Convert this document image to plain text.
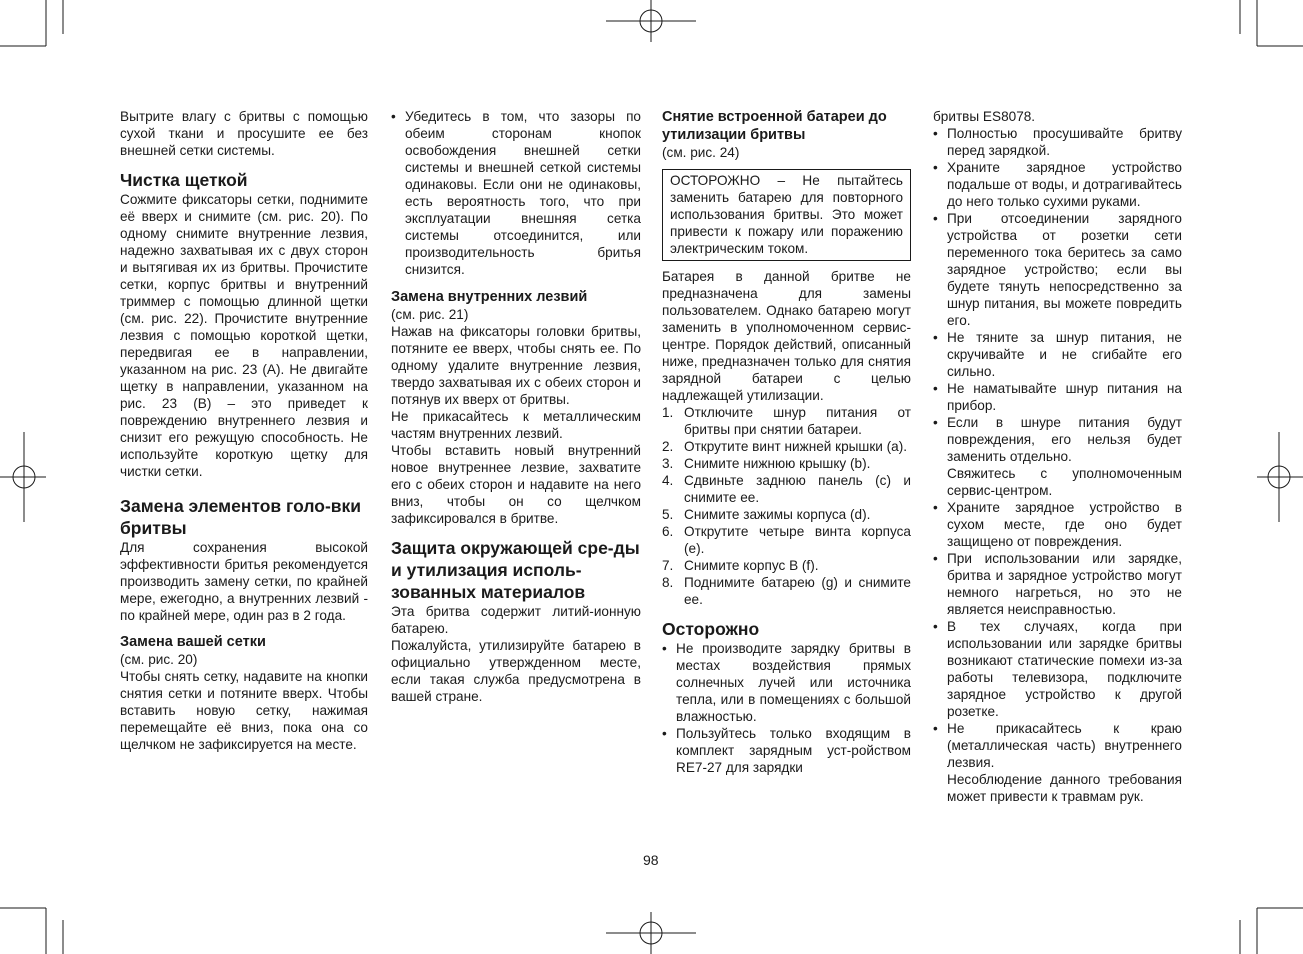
Вытрите влагу с бритвы с помощью сухой ткани и просушите ее без внешней сетки системы.

Чистка щеткой

Сожмите фиксаторы сетки, поднимите её вверх и снимите (см. рис. 20). По одному снимите внутренние лезвия, надежно захватывая их с двух сторон и вытягивая их из бритвы. Прочистите сетки, корпус бритвы и внутренний триммер с помощью длинной щетки (см. рис. 22). Прочистите внутренние лезвия с помощью короткой щетки, передвигая ее в направлении, указанном на рис. 23 (A). Не двигайте щетку в направлении, указанном на рис. 23 (B) – это приведет к повреждению внутреннего лезвия и снизит его режущую способность. Не используйте короткую щетку для чистки сетки.

Замена элементов голо-вки бритвы

Для сохранения высокой эффективности бритья рекомендуется производить замену сетки, по крайней мере, ежегодно, а внутренних лезвий - по крайней мере, один раз в 2 года.

Замена вашей сетки

(см. рис. 20)

Чтобы снять сетку, надавите на кнопки снятия сетки и потяните вверх. Чтобы вставить новую сетку, нажимая перемещайте её вниз, пока она со щелчком не зафиксируется на месте.

• Убедитесь в том, что зазоры по обеим сторонам кнопок освобождения внешней сетки системы и внешней сеткой системы одинаковы. Если они не одинаковы, есть вероятность того, что при эксплуатации внешняя сетка системы отсоединится, или производительность бритья снизится.
Замена внутренних лезвий

(см. рис. 21)

Нажав на фиксаторы головки бритвы, потяните ее вверх, чтобы снять ее. По одному удалите внутренние лезвия, твердо захватывая их с обеих сторон и потянув их вверх от бритвы.

Не прикасайтесь к металлическим частям внутренних лезвий.

Чтобы вставить новый внутренний новое внутреннее лезвие, захватите его с обеих сторон и надавите на него вниз, чтобы он со щелчком зафиксировался в бритве.

Защита окружающей сре-ды и утилизация исполь-зованных материалов

Эта бритва содержит литий-ионную батарею.

Пожалуйста, утилизируйте батарею в официально утвержденном месте, если такая служба предусмотрена в вашей стране.

Снятие встроенной батареи до утилизации бритвы

(см. рис. 24)

ОСТОРОЖНО – Не пытайтесь заменить батарею для повторного использования бритвы. Это может привести к пожару или поражению электрическим током.

Батарея в данной бритве не предназначена для замены пользователем. Однако батарею могут заменить в уполномоченном сервис-центре. Порядок действий, описанный ниже, предназначен только для снятия зарядной батареи с целью надлежащей утилизации.

1. Отключите шнур питания от бритвы при снятии батареи.
2. Открутите винт нижней крышки (a).
3. Снимите нижнюю крышку (b).
4. Сдвиньте заднюю панель (c) и снимите ее.
5. Снимите зажимы корпуса (d).
6. Открутите четыре винта корпуса (e).
7. Снимите корпус B (f).
8. Поднимите батарею (g) и снимите ее.
Осторожно
• Не производите зарядку бритвы в местах воздействия прямых солнечных лучей или источника тепла, или в помещениях с большой влажностью.
• Пользуйтесь только входящим в комплект зарядным уст-ройством RE7-27 для зарядки

бритвы ES8078.

• Полностью просушивайте бритву перед зарядкой.
• Храните зарядное устройство подальше от воды, и дотрагивайтесь до него только сухими руками.
• При отсоединении зарядного устройства от розетки сети переменного тока беритесь за само зарядное устройство; если вы будете тянуть непосредственно за шнур питания, вы можете повредить его.
• Не тяните за шнур питания, не скручивайте и не сгибайте его сильно.
• Не наматывайте шнур питания на прибор.
• Если в шнуре питания будут повреждения, его нельзя будет заменить отдельно.

Свяжитесь с уполномоченным сервис-центром.

• Храните зарядное устройство в сухом месте, где оно будет защищено от повреждения.
• При использовании или зарядке, бритва и зарядное устройство могут немного нагреться, но это не является неисправностью.
• В тех случаях, когда при использовании или зарядке бритвы возникают статические помехи из-за работы телевизора, подключите зарядное устройство к другой розетке.
• Не прикасайтесь к краю (металлическая часть) внутреннего лезвия.

Несоблюдение данного требования может привести к травмам рук.

98
